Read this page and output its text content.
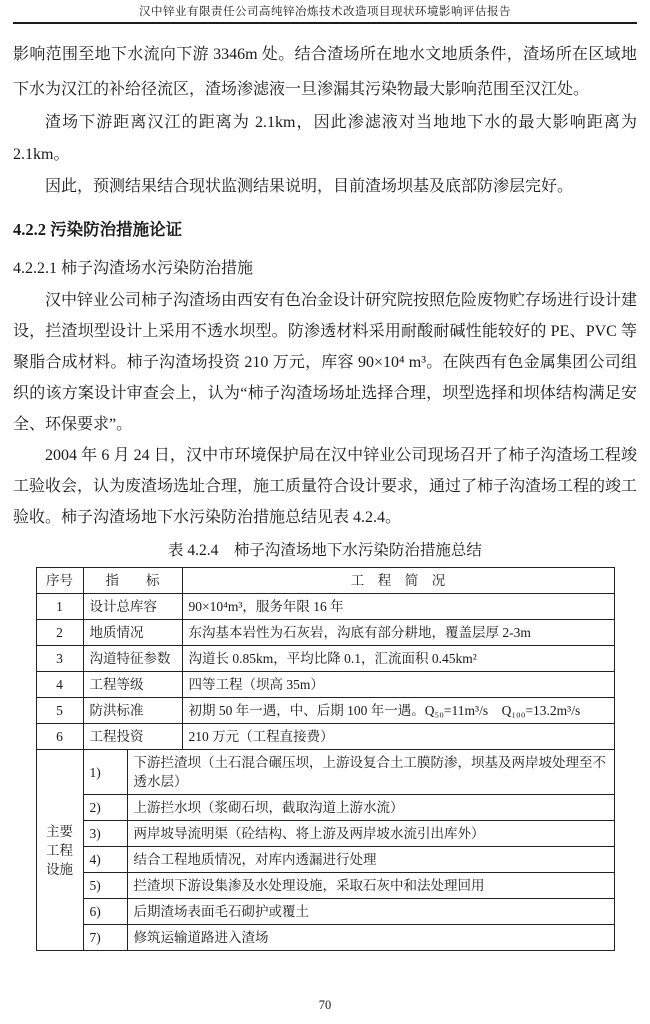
汉中锌业有限责任公司高纯锌冶炼技术改造项目现状环境影响评估报告

影响范围至地下水流向下游 3346m 处。结合渣场所在地水文地质条件，渣场所在区域地下水为汉江的补给径流区，渣场渗滤液一旦渗漏其污染物最大影响范围至汉江处。

渣场下游距离汉江的距离为 2.1km，因此渗滤液对当地地下水的最大影响距离为 2.1km。

因此，预测结果结合现状监测结果说明，目前渣场坝基及底部防渗层完好。

4.2.2 污染防治措施论证
4.2.2.1 柿子沟渣场水污染防治措施

汉中锌业公司柿子沟渣场由西安有色冶金设计研究院按照危险废物贮存场进行设计建设，拦渣坝型设计上采用不透水坝型。防渗透材料采用耐酸耐碱性能较好的 PE、PVC 等聚脂合成材料。柿子沟渣场投资 210 万元，库容 90×10⁴ m³。在陕西有色金属集团公司组织的该方案设计审查会上，认为“柿子沟渣场场址选择合理，坝型选择和坝体结构满足安全、环保要求”。

2004 年 6 月 24 日，汉中市环境保护局在汉中锌业公司现场召开了柿子沟渣场工程竣工验收会，认为废渣场选址合理，施工质量符合设计要求，通过了柿子沟渣场工程的竣工验收。柿子沟渣场地下水污染防治措施总结见表 4.2.4。

表 4.2.4　柿子沟渣场地下水污染防治措施总结
序号	指　　标		工　程　简　况
1	设计总库容		90×10⁴m³，服务年限 16 年
2	地质情况		东沟基本岩性为石灰岩，沟底有部分耕地，覆盖层厚 2-3m
3	沟道特征参数		沟道长 0.85km，平均比降 0.1，汇流面积 0.45km²
4	工程等级		四等工程（坝高 35m）
5	防洪标准		初期 50 年一遇，中、后期 100 年一遇。Q₅₀=11m³/s　Q₁₀₀=13.2m³/s
6	工程投资		210 万元（工程直接费）
主要工程设施	1)	下游拦渣坝（土石混合碾压坝，上游设复合土工膜防渗，坝基及两岸坡处理至不透水层）	
	2)	上游拦水坝（浆砌石坝，截取沟道上游水流）	
	3)	两岸坡导流明渠（砼结构、将上游及两岸坡水流引出库外）	
	4)	结合工程地质情况，对库内透漏进行处理	
	5)	拦渣坝下游设集渗及水处理设施，采取石灰中和法处理回用	
	6)	后期渣场表面毛石砌护或覆土	
	7)	修筑运输道路进入渣场	
70
